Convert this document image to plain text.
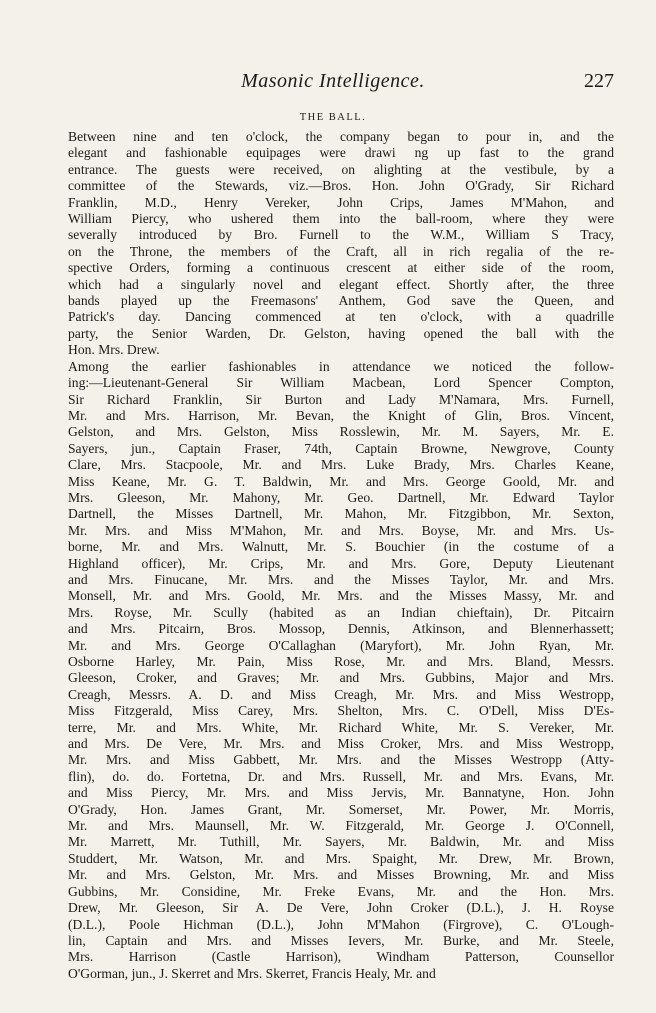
Masonic Intelligence.	227
THE BALL.

Between nine and ten o'clock, the company began to pour in, and the
elegant and fashionable equipages were drawi ng up fast to the grand
entrance. The guests were received, on alighting at the vestibule, by a
committee of the Stewards, viz.—Bros. Hon. John O'Grady, Sir Richard
Franklin, M.D., Henry Vereker, John Crips, James M'Mahon, and
William Piercy, who ushered them into the ball-room, where they were
severally introduced by Bro. Furnell to the W.M., William S Tracy,
on the Throne, the members of the Craft, all in rich regalia of the re-
spective Orders, forming a continuous crescent at either side of the room,
which had a singularly novel and elegant effect. Shortly after, the three
bands played up the Freemasons' Anthem, God save the Queen, and
Patrick's day. Dancing commenced at ten o'clock, with a quadrille
party, the Senior Warden, Dr. Gelston, having opened the ball with the
Hon. Mrs. Drew.

Among the earlier fashionables in attendance we noticed the follow-
ing:—Lieutenant-General Sir William Macbean, Lord Spencer Compton,
Sir Richard Franklin, Sir Burton and Lady M'Namara, Mrs. Furnell,
Mr. and Mrs. Harrison, Mr. Bevan, the Knight of Glin, Bros. Vincent,
Gelston, and Mrs. Gelston, Miss Rosslewin, Mr. M. Sayers, Mr. E.
Sayers, jun., Captain Fraser, 74th, Captain Browne, Newgrove, County
Clare, Mrs. Stacpoole, Mr. and Mrs. Luke Brady, Mrs. Charles Keane,
Miss Keane, Mr. G. T. Baldwin, Mr. and Mrs. George Goold, Mr. and
Mrs. Gleeson, Mr. Mahony, Mr. Geo. Dartnell, Mr. Edward Taylor
Dartnell, the Misses Dartnell, Mr. Mahon, Mr. Fitzgibbon, Mr. Sexton,
Mr. Mrs. and Miss M'Mahon, Mr. and Mrs. Boyse, Mr. and Mrs. Us-
borne, Mr. and Mrs. Walnutt, Mr. S. Bouchier (in the costume of a
Highland officer), Mr. Crips, Mr. and Mrs. Gore, Deputy Lieutenant
and Mrs. Finucane, Mr. Mrs. and the Misses Taylor, Mr. and Mrs.
Monsell, Mr. and Mrs. Goold, Mr. Mrs. and the Misses Massy, Mr. and
Mrs. Royse, Mr. Scully (habited as an Indian chieftain), Dr. Pitcairn
and Mrs. Pitcairn, Bros. Mossop, Dennis, Atkinson, and Blennerhassett;
Mr. and Mrs. George O'Callaghan (Maryfort), Mr. John Ryan, Mr.
Osborne Harley, Mr. Pain, Miss Rose, Mr. and Mrs. Bland, Messrs.
Gleeson, Croker, and Graves; Mr. and Mrs. Gubbins, Major and Mrs.
Creagh, Messrs. A. D. and Miss Creagh, Mr. Mrs. and Miss Westropp,
Miss Fitzgerald, Miss Carey, Mrs. Shelton, Mrs. C. O'Dell, Miss D'Es-
terre, Mr. and Mrs. White, Mr. Richard White, Mr. S. Vereker, Mr.
and Mrs. De Vere, Mr. Mrs. and Miss Croker, Mrs. and Miss Westropp,
Mr. Mrs. and Miss Gabbett, Mr. Mrs. and the Misses Westropp (Atty-
flin), do. do. Fortetna, Dr. and Mrs. Russell, Mr. and Mrs. Evans, Mr.
and Miss Piercy, Mr. Mrs. and Miss Jervis, Mr. Bannatyne, Hon. John
O'Grady, Hon. James Grant, Mr. Somerset, Mr. Power, Mr. Morris,
Mr. and Mrs. Maunsell, Mr. W. Fitzgerald, Mr. George J. O'Connell,
Mr. Marrett, Mr. Tuthill, Mr. Sayers, Mr. Baldwin, Mr. and Miss
Studdert, Mr. Watson, Mr. and Mrs. Spaight, Mr. Drew, Mr. Brown,
Mr. and Mrs. Gelston, Mr. Mrs. and Misses Browning, Mr. and Miss
Gubbins, Mr. Considine, Mr. Freke Evans, Mr. and the Hon. Mrs.
Drew, Mr. Gleeson, Sir A. De Vere, John Croker (D.L.), J. H. Royse
(D.L.), Poole Hichman (D.L.), John M'Mahon (Firgrove), C. O'Lough-
lin, Captain and Mrs. and Misses Ievers, Mr. Burke, and Mr. Steele,
Mrs. Harrison (Castle Harrison), Windham Patterson, Counsellor
O'Gorman, jun., J. Skerret and Mrs. Skerret, Francis Healy, Mr. and
